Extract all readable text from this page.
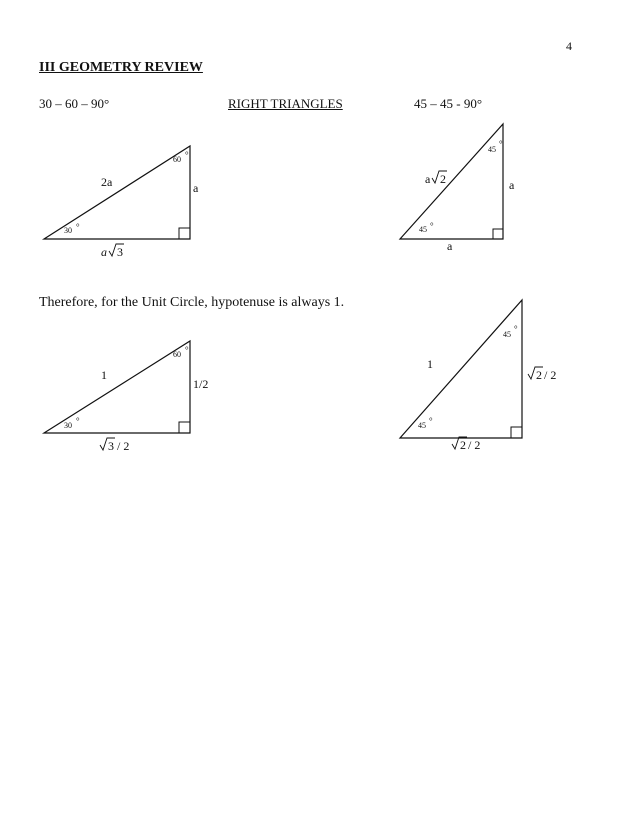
4
III GEOMETRY REVIEW
30 – 60 – 90°	RIGHT TRIANGLES	45 – 45 - 90°
60 °
30 °
2a	a
a 3
45
°
45 °
a 2	a
a
Therefore, for the Unit Circle, hypotenuse is always 1.
60 °
30 °
1
1/2
3 / 2
45
°
45 °
1
2 / 2
2 / 2
